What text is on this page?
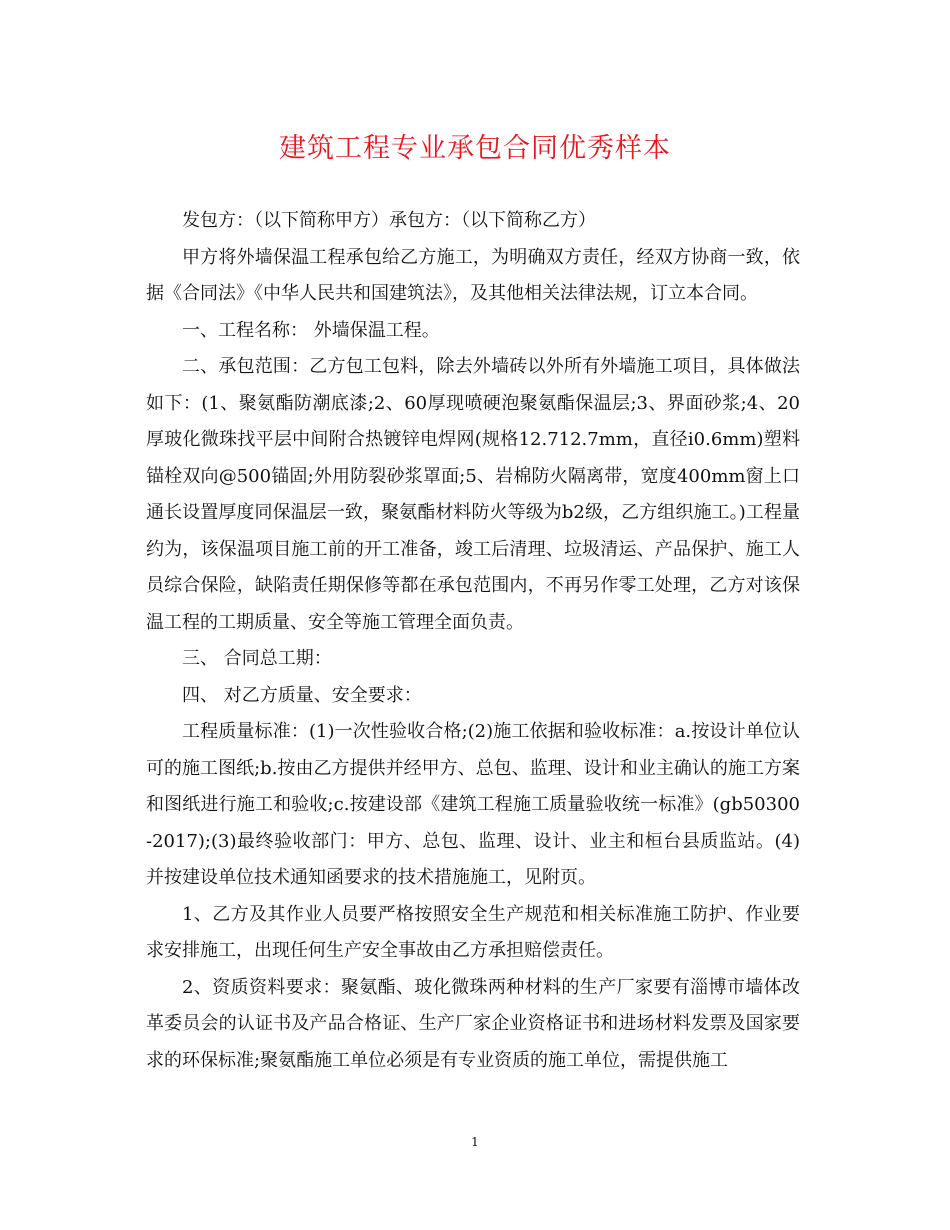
建筑工程专业承包合同优秀样本

发包方：（以下简称甲方）承包方：（以下简称乙方）

甲方将外墙保温工程承包给乙方施工，为明确双方责任，经双方协商一致，依据《合同法》《中华人民共和国建筑法》，及其他相关法律法规，订立本合同。

一、工程名称： 外墙保温工程。

二、承包范围：乙方包工包料，除去外墙砖以外所有外墙施工项目，具体做法如下：(1、聚氨酯防潮底漆;2、60厚现喷硬泡聚氨酯保温层;3、界面砂浆;4、20厚玻化微珠找平层中间附合热镀锌电焊网(规格12.712.7mm，直径i0.6mm)塑料锚栓双向@500锚固;外用防裂砂浆罩面;5、岩棉防火隔离带，宽度400mm窗上口通长设置厚度同保温层一致，聚氨酯材料防火等级为b2级，乙方组织施工。)工程量约为，该保温项目施工前的开工准备，竣工后清理、垃圾清运、产品保护、施工人员综合保险，缺陷责任期保修等都在承包范围内，不再另作零工处理，乙方对该保温工程的工期质量、安全等施工管理全面负责。

三、 合同总工期：

四、 对乙方质量、安全要求：

工程质量标准：(1)一次性验收合格;(2)施工依据和验收标准：a.按设计单位认可的施工图纸;b.按由乙方提供并经甲方、总包、监理、设计和业主确认的施工方案和图纸进行施工和验收;c.按建设部《建筑工程施工质量验收统一标准》(gb50300-2017);(3)最终验收部门：甲方、总包、监理、设计、业主和桓台县质监站。(4)并按建设单位技术通知函要求的技术措施施工，见附页。

1、乙方及其作业人员要严格按照安全生产规范和相关标准施工防护、作业要求安排施工，出现任何生产安全事故由乙方承担赔偿责任。

2、资质资料要求：聚氨酯、玻化微珠两种材料的生产厂家要有淄博市墙体改革委员会的认证书及产品合格证、生产厂家企业资格证书和进场材料发票及国家要求的环保标准;聚氨酯施工单位必须是有专业资质的施工单位，需提供施工

1
